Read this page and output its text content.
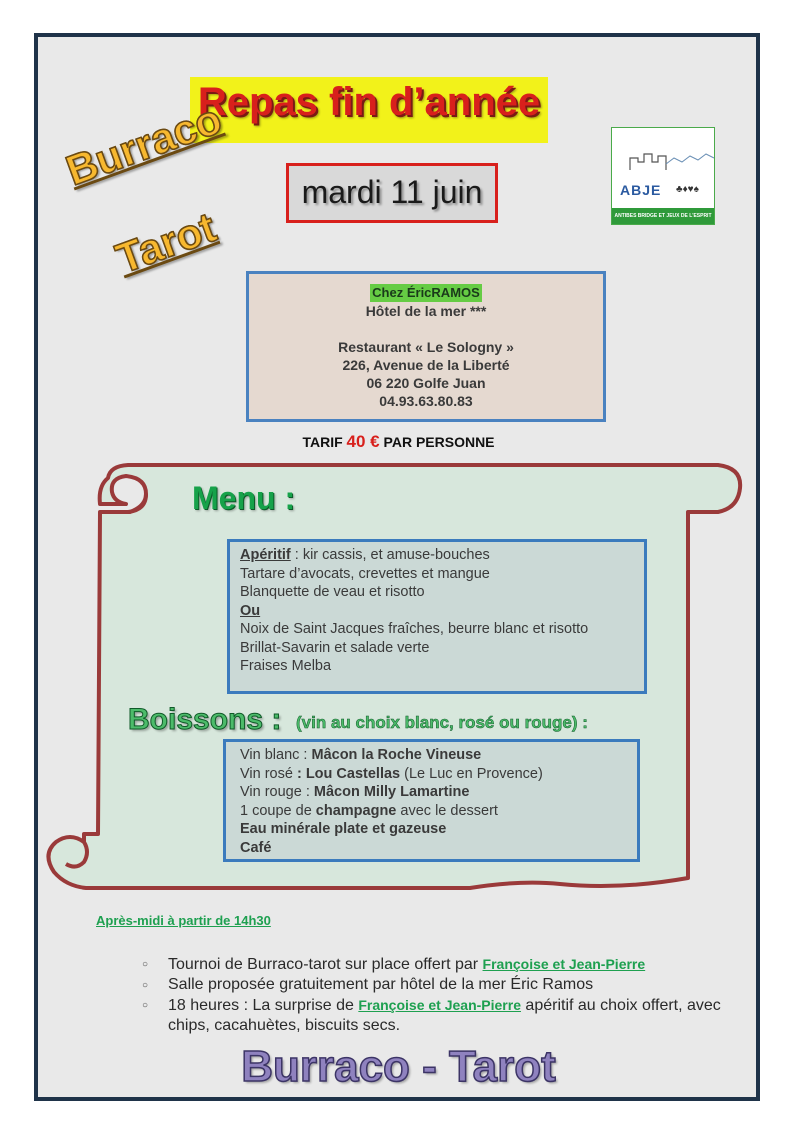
Repas fin d’année
mardi 11 juin
Burraco
Tarot
ABJE ♣♦♥♠
ANTIBES BRIDGE ET JEUX DE L'ESPRIT
Chez ÉricRAMOS
Hôtel de la mer ***

Restaurant « Le Sologny »
226, Avenue de la Liberté
06 220 Golfe Juan
04.93.63.80.83
TARIF 40 € PAR PERSONNE
Menu :
Apéritif : kir cassis, et amuse-bouches
Tartare d’avocats, crevettes et mangue
Blanquette de veau et risotto
Ou
Noix de Saint Jacques fraîches, beurre blanc et risotto
Brillat-Savarin et salade verte
Fraises Melba
Boissons : (vin au choix blanc, rosé ou rouge) :
Vin blanc : Mâcon la Roche Vineuse
Vin rosé : Lou Castellas (Le Luc en Provence)
Vin rouge : Mâcon Milly Lamartine
1 coupe de champagne avec le dessert
Eau minérale plate et gazeuse
Café
Après-midi à partir de 14h30
○ Tournoi de Burraco-tarot sur place offert par Françoise et Jean-Pierre
○ Salle proposée gratuitement par hôtel de la mer Éric Ramos
○ 18 heures : La surprise de Françoise et Jean-Pierre apéritif au choix offert, avec chips, cacahuètes, biscuits secs.
Burraco - Tarot
